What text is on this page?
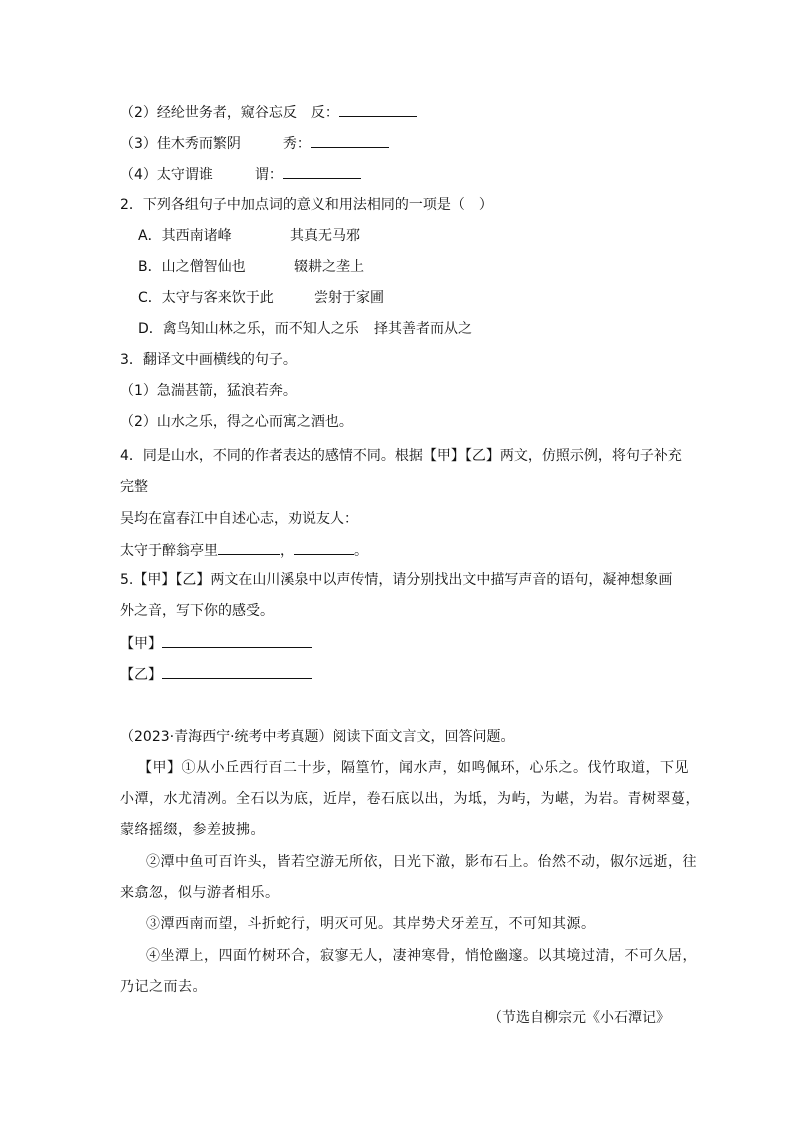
（2）经纶世务者，窥谷忘反 反：
（3）佳木秀而繁阴	秀：
（4）太守谓谁	谓：
2．下列各组句子中加点词的意义和用法相同的一项是（　）
A．其西南诸峰	其真无马邪
B．山之僧智仙也	辍耕之垄上
C．太守与客来饮于此	尝射于家圃
D．禽鸟知山林之乐，而不知人之乐 择其善者而从之
3．翻译文中画横线的句子。
（1）急湍甚箭，猛浪若奔。
（2）山水之乐，得之心而寓之酒也。
4．同是山水，不同的作者表达的感情不同。根据【甲】【乙】两文，仿照示例，将句子补充
完整
吴均在富春江中自述心志，劝说友人：
太守于醉翁亭里	，	。
5.【甲】【乙】两文在山川溪泉中以声传情，请分别找出文中描写声音的语句，凝神想象画
外之音，写下你的感受。
【甲】
【乙】
（2023·青海西宁·统考中考真题）阅读下面文言文，回答问题。
【甲】①从小丘西行百二十步，隔篁竹，闻水声，如鸣佩环，心乐之。伐竹取道，下见
小潭，水尤清冽。全石以为底，近岸，卷石底以出，为坻，为屿，为嵁，为岩。青树翠蔓，
蒙络摇缀，参差披拂。
②潭中鱼可百许头，皆若空游无所依，日光下澈，影布石上。佁然不动，俶尔远逝，往
来翕忽，似与游者相乐。
③潭西南而望，斗折蛇行，明灭可见。其岸势犬牙差互，不可知其源。
④坐潭上，四面竹树环合，寂寥无人，凄神寒骨，悄怆幽邃。以其境过清，不可久居，
乃记之而去。
（节选自柳宗元《小石潭记》
